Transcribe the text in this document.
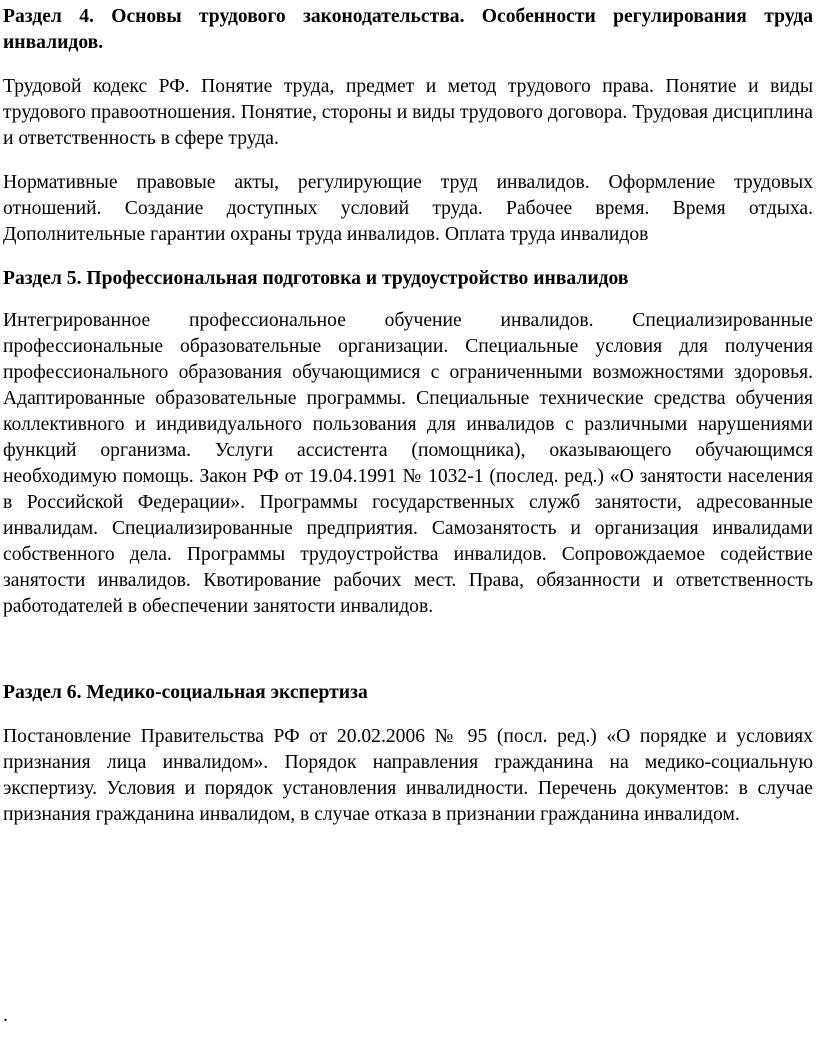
Раздел 4. Основы трудового законодательства. Особенности регулирования труда инвалидов.

Трудовой кодекс РФ. Понятие труда, предмет и метод трудового права. Понятие и виды трудового правоотношения. Понятие, стороны и виды трудового договора. Трудовая дисциплина и ответственность в сфере труда.

Нормативные правовые акты, регулирующие труд инвалидов. Оформление трудовых отношений. Создание доступных условий труда. Рабочее время. Время отдыха. Дополнительные гарантии охраны труда инвалидов. Оплата труда инвалидов

Раздел 5. Профессиональная подготовка и трудоустройство инвалидов

Интегрированное профессиональное обучение инвалидов. Специализированные профессиональные образовательные организации. Специальные условия для получения профессионального образования обучающимися с ограниченными возможностями здоровья. Адаптированные образовательные программы. Специальные технические средства обучения коллективного и индивидуального пользования для инвалидов с различными нарушениями функций организма. Услуги ассистента (помощника), оказывающего обучающимся необходимую помощь. Закон РФ от 19.04.1991 № 1032-1 (послед. ред.) «О занятости населения в Российской Федерации». Программы государственных служб занятости, адресованные инвалидам. Специализированные предприятия. Самозанятость и организация инвалидами собственного дела. Программы трудоустройства инвалидов. Сопровождаемое содействие занятости инвалидов. Квотирование рабочих мест. Права, обязанности и ответственность работодателей в обеспечении занятости инвалидов.

Раздел 6. Медико-социальная экспертиза

Постановление Правительства РФ от 20.02.2006 № 95 (посл. ред.) «О порядке и условиях признания лица инвалидом». Порядок направления гражданина на медико-социальную экспертизу. Условия и порядок установления инвалидности. Перечень документов: в случае признания гражданина инвалидом, в случае отказа в признании гражданина инвалидом.

.
